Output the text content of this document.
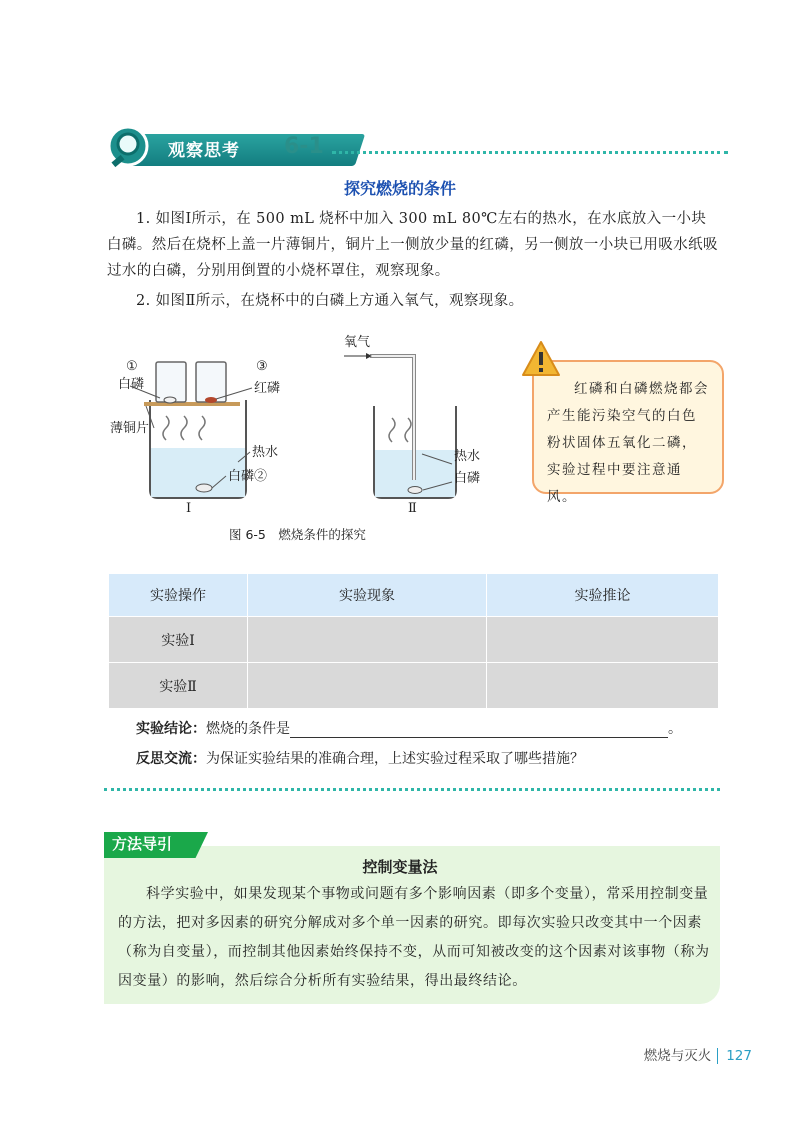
观察思考 6-1
探究燃烧的条件

1. 如图Ⅰ所示，在 500 mL 烧杯中加入 300 mL 80℃左右的热水，在水底放入一小块白磷。然后在烧杯上盖一片薄铜片，铜片上一侧放少量的红磷，另一侧放一小块已用吸水纸吸过水的白磷，分别用倒置的小烧杯罩住，观察现象。

2. 如图Ⅱ所示，在烧杯中的白磷上方通入氧气，观察现象。

①	③
白磷	红磷
薄铜片
热水
白磷②
氧气
热水
白磷
Ⅰ	Ⅱ
图 6-5　燃烧条件的探究
红磷和白磷燃烧都会产生能污染空气的白色粉状固体五氧化二磷，实验过程中要注意通风。
实验操作	实验现象	实验推论
实验Ⅰ		
实验Ⅱ		
实验结论：燃烧的条件是	。
反思交流：为保证实验结果的准确合理，上述实验过程采取了哪些措施？
方法导引
控制变量法

科学实验中，如果发现某个事物或问题有多个影响因素（即多个变量），常采用控制变量的方法，把对多因素的研究分解成对多个单一因素的研究。即每次实验只改变其中一个因素（称为自变量），而控制其他因素始终保持不变，从而可知被改变的这个因素对该事物（称为因变量）的影响，然后综合分析所有实验结果，得出最终结论。

燃烧与灭火 127
